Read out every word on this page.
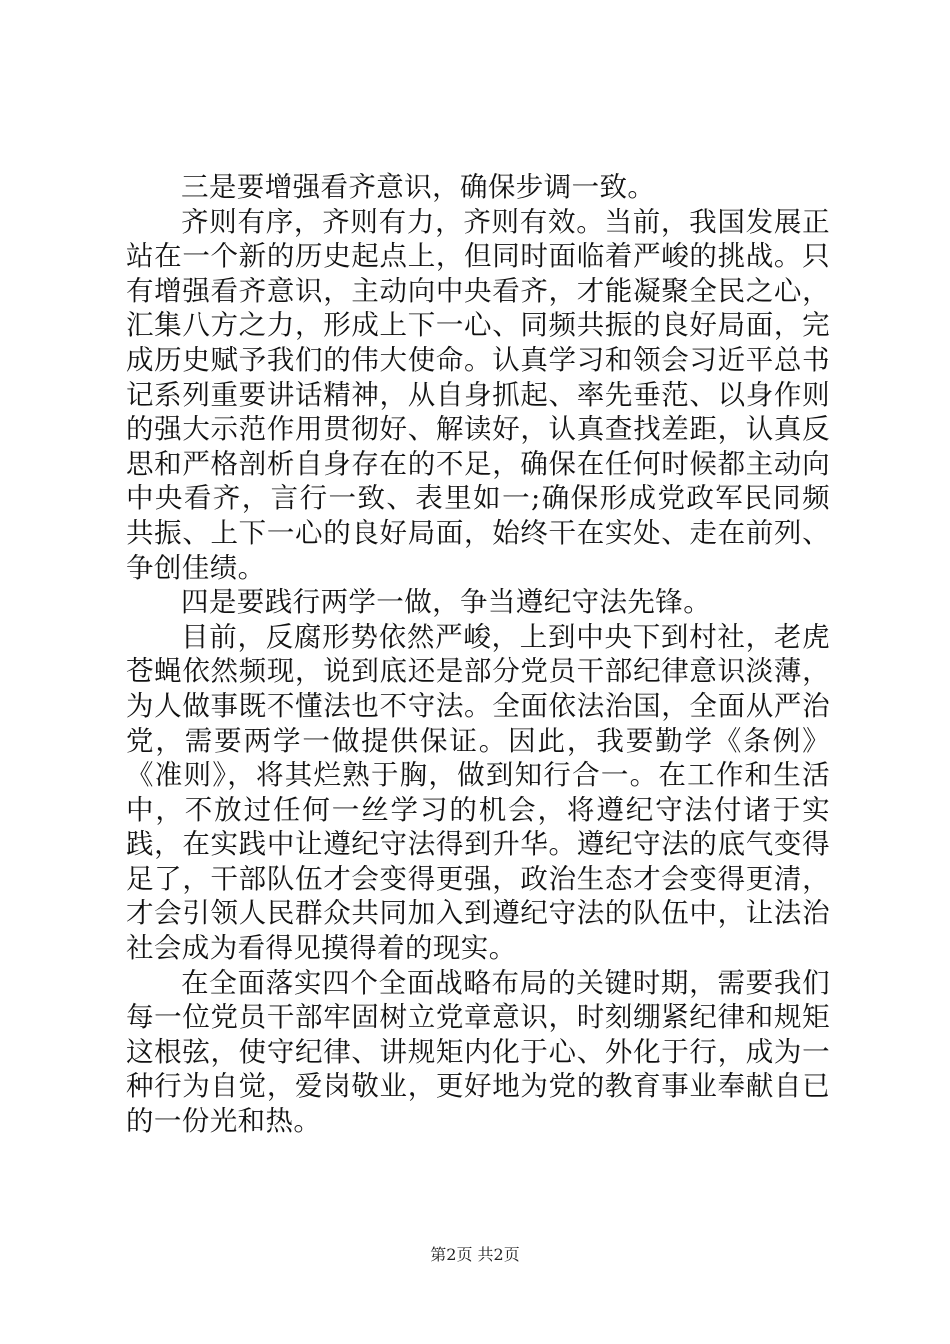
三是要增强看齐意识，确保步调一致。

齐则有序，齐则有力，齐则有效。当前，我国发展正站在一个新的历史起点上，但同时面临着严峻的挑战。只有增强看齐意识，主动向中央看齐，才能凝聚全民之心，汇集八方之力，形成上下一心、同频共振的良好局面，完成历史赋予我们的伟大使命。认真学习和领会习近平总书记系列重要讲话精神，从自身抓起、率先垂范、以身作则的强大示范作用贯彻好、解读好，认真查找差距，认真反思和严格剖析自身存在的不足，确保在任何时候都主动向中央看齐，言行一致、表里如一;确保形成党政军民同频共振、上下一心的良好局面，始终干在实处、走在前列、争创佳绩。

四是要践行两学一做，争当遵纪守法先锋。

目前，反腐形势依然严峻，上到中央下到村社，老虎苍蝇依然频现，说到底还是部分党员干部纪律意识淡薄，为人做事既不懂法也不守法。全面依法治国，全面从严治党，需要两学一做提供保证。因此，我要勤学《条例》《准则》，将其烂熟于胸，做到知行合一。在工作和生活中，不放过任何一丝学习的机会，将遵纪守法付诸于实践，在实践中让遵纪守法得到升华。遵纪守法的底气变得足了，干部队伍才会变得更强，政治生态才会变得更清，才会引领人民群众共同加入到遵纪守法的队伍中，让法治社会成为看得见摸得着的现实。

在全面落实四个全面战略布局的关键时期，需要我们每一位党员干部牢固树立党章意识，时刻绷紧纪律和规矩这根弦，使守纪律、讲规矩内化于心、外化于行，成为一种行为自觉，爱岗敬业，更好地为党的教育事业奉献自已的一份光和热。

第2页 共2页
